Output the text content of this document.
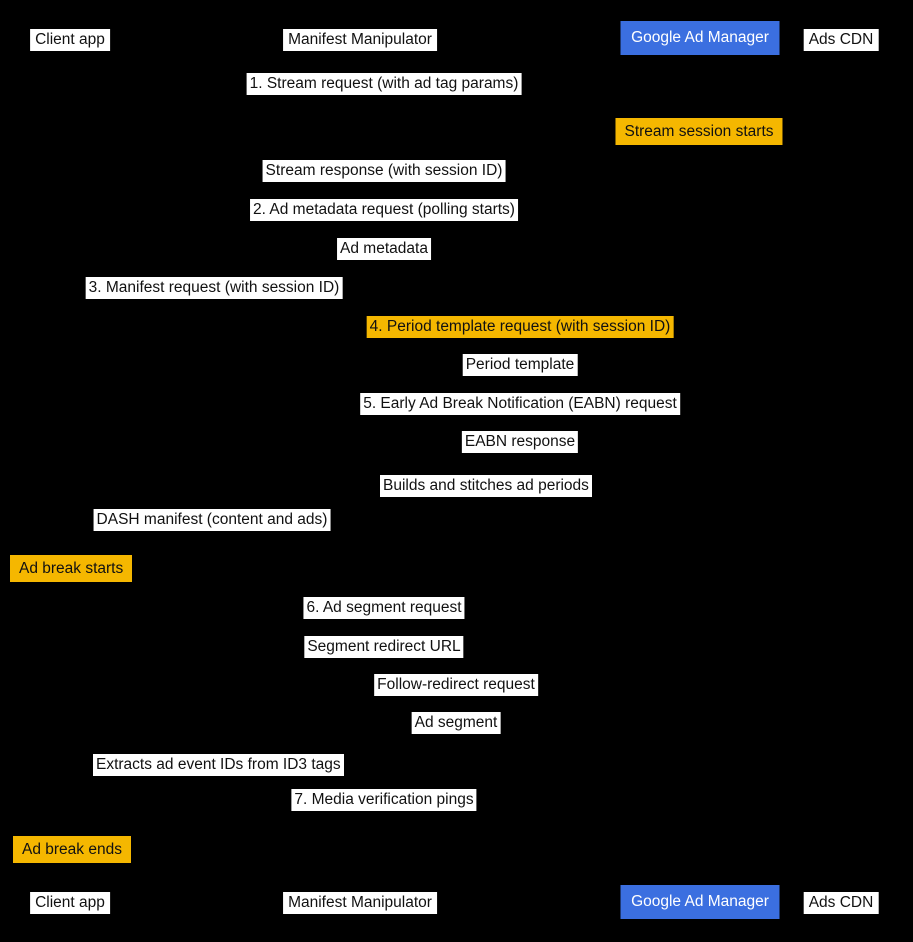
Client app
Client app
Manifest Manipulator
Manifest Manipulator
Google Ad Manager
Google Ad Manager
Ads CDN
Ads CDN
1. Stream request (with ad tag params)
Stream session starts
Stream response (with session ID)
2. Ad metadata request (polling starts)
Ad metadata
3. Manifest request (with session ID)
4. Period template request (with session ID)
Period template
5. Early Ad Break Notification (EABN) request
EABN response
Builds and stitches ad periods
DASH manifest (content and ads)
Ad break starts
6. Ad segment request
Segment redirect URL
Follow-redirect request
Ad segment
Extracts ad event IDs from ID3 tags
7. Media verification pings
Ad break ends
